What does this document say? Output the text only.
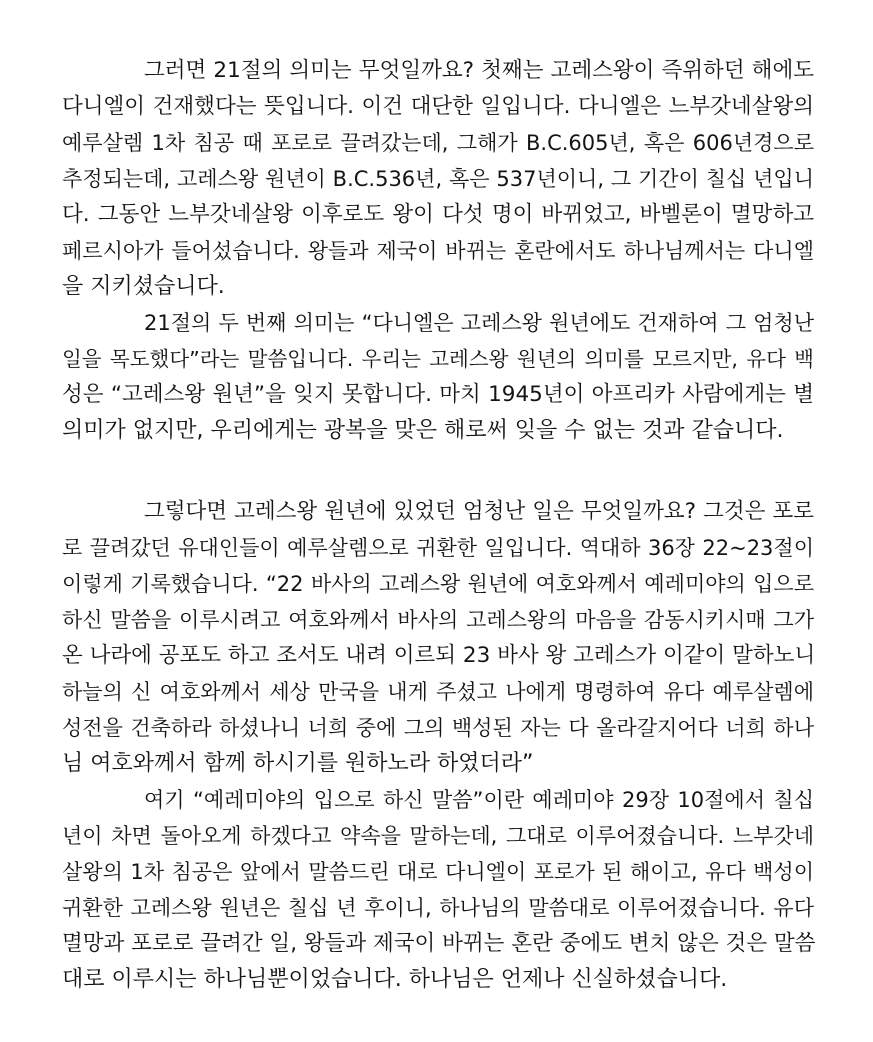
그러면 21절의 의미는 무엇일까요? 첫째는 고레스왕이 즉위하던 해에도
다니엘이 건재했다는 뜻입니다. 이건 대단한 일입니다. 다니엘은 느부갓네살왕의
예루살렘 1차 침공 때 포로로 끌려갔는데, 그해가 B.C.605년, 혹은 606년경으로
추정되는데, 고레스왕 원년이 B.C.536년, 혹은 537년이니, 그 기간이 칠십 년입니
다. 그동안 느부갓네살왕 이후로도 왕이 다섯 명이 바뀌었고, 바벨론이 멸망하고
페르시아가 들어섰습니다. 왕들과 제국이 바뀌는 혼란에서도 하나님께서는 다니엘
을 지키셨습니다.
21절의 두 번째 의미는 “다니엘은 고레스왕 원년에도 건재하여 그 엄청난
일을 목도했다”라는 말씀입니다. 우리는 고레스왕 원년의 의미를 모르지만, 유다 백
성은 “고레스왕 원년”을 잊지 못합니다. 마치 1945년이 아프리카 사람에게는 별
의미가 없지만, 우리에게는 광복을 맞은 해로써 잊을 수 없는 것과 같습니다.
그렇다면 고레스왕 원년에 있었던 엄청난 일은 무엇일까요? 그것은 포로
로 끌려갔던 유대인들이 예루살렘으로 귀환한 일입니다. 역대하 36장 22~23절이
이렇게 기록했습니다. “22 바사의 고레스왕 원년에 여호와께서 예레미야의 입으로
하신 말씀을 이루시려고 여호와께서 바사의 고레스왕의 마음을 감동시키시매 그가
온 나라에 공포도 하고 조서도 내려 이르되 23 바사 왕 고레스가 이같이 말하노니
하늘의 신 여호와께서 세상 만국을 내게 주셨고 나에게 명령하여 유다 예루살렘에
성전을 건축하라 하셨나니 너희 중에 그의 백성된 자는 다 올라갈지어다 너희 하나
님 여호와께서 함께 하시기를 원하노라 하였더라”
여기 “예레미야의 입으로 하신 말씀”이란 예레미야 29장 10절에서 칠십
년이 차면 돌아오게 하겠다고 약속을 말하는데, 그대로 이루어졌습니다. 느부갓네
살왕의 1차 침공은 앞에서 말씀드린 대로 다니엘이 포로가 된 해이고, 유다 백성이
귀환한 고레스왕 원년은 칠십 년 후이니, 하나님의 말씀대로 이루어졌습니다. 유다
멸망과 포로로 끌려간 일, 왕들과 제국이 바뀌는 혼란 중에도 변치 않은 것은 말씀
대로 이루시는 하나님뿐이었습니다. 하나님은 언제나 신실하셨습니다.
